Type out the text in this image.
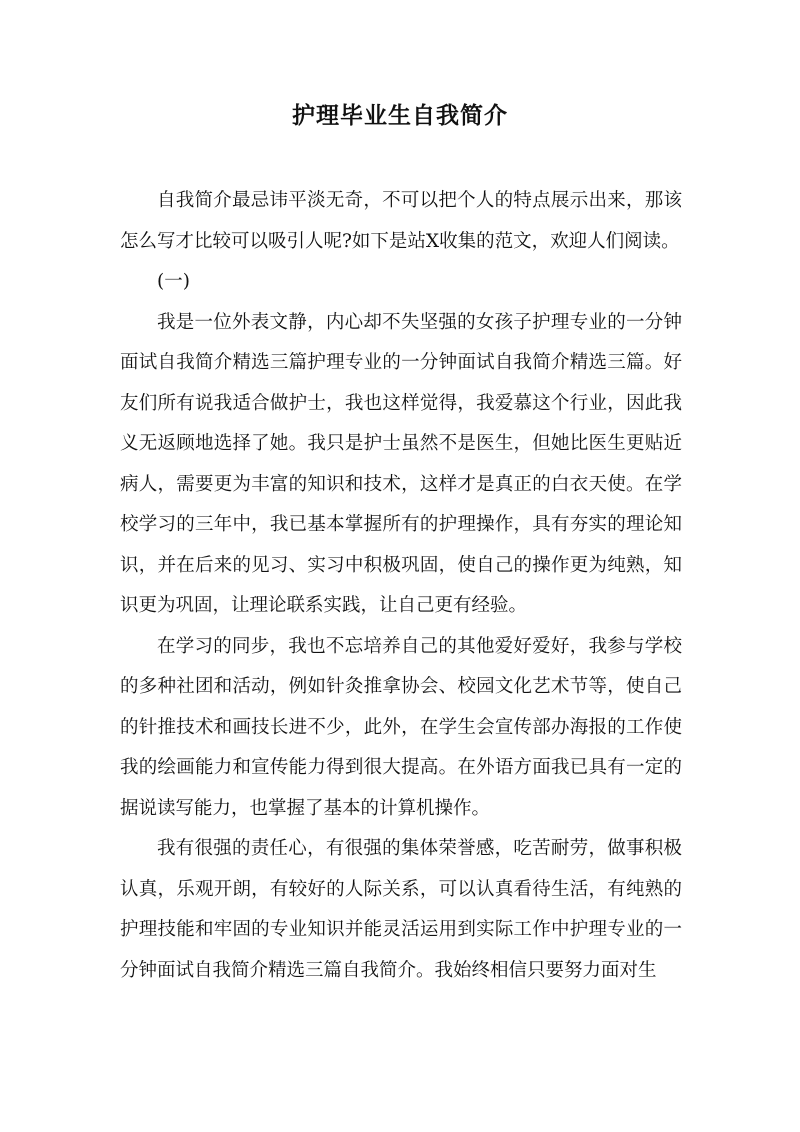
护理毕业生自我简介

自我简介最忌讳平淡无奇，不可以把个人的特点展示出来，那该怎么写才比较可以吸引人呢?如下是站X收集的范文，欢迎人们阅读。

(一)

我是一位外表文静，内心却不失坚强的女孩子护理专业的一分钟面试自我简介精选三篇护理专业的一分钟面试自我简介精选三篇。好友们所有说我适合做护士，我也这样觉得，我爱慕这个行业，因此我义无返顾地选择了她。我只是护士虽然不是医生，但她比医生更贴近病人，需要更为丰富的知识和技术，这样才是真正的白衣天使。在学校学习的三年中，我已基本掌握所有的护理操作，具有夯实的理论知识，并在后来的见习、实习中积极巩固，使自己的操作更为纯熟，知识更为巩固，让理论联系实践，让自己更有经验。

在学习的同步，我也不忘培养自己的其他爱好爱好，我参与学校的多种社团和活动，例如针灸推拿协会、校园文化艺术节等，使自己的针推技术和画技长进不少，此外，在学生会宣传部办海报的工作使我的绘画能力和宣传能力得到很大提高。在外语方面我已具有一定的据说读写能力，也掌握了基本的计算机操作。

我有很强的责任心，有很强的集体荣誉感，吃苦耐劳，做事积极认真，乐观开朗，有较好的人际关系，可以认真看待生活，有纯熟的护理技能和牢固的专业知识并能灵活运用到实际工作中护理专业的一分钟面试自我简介精选三篇自我简介。我始终相信只要努力面对生
